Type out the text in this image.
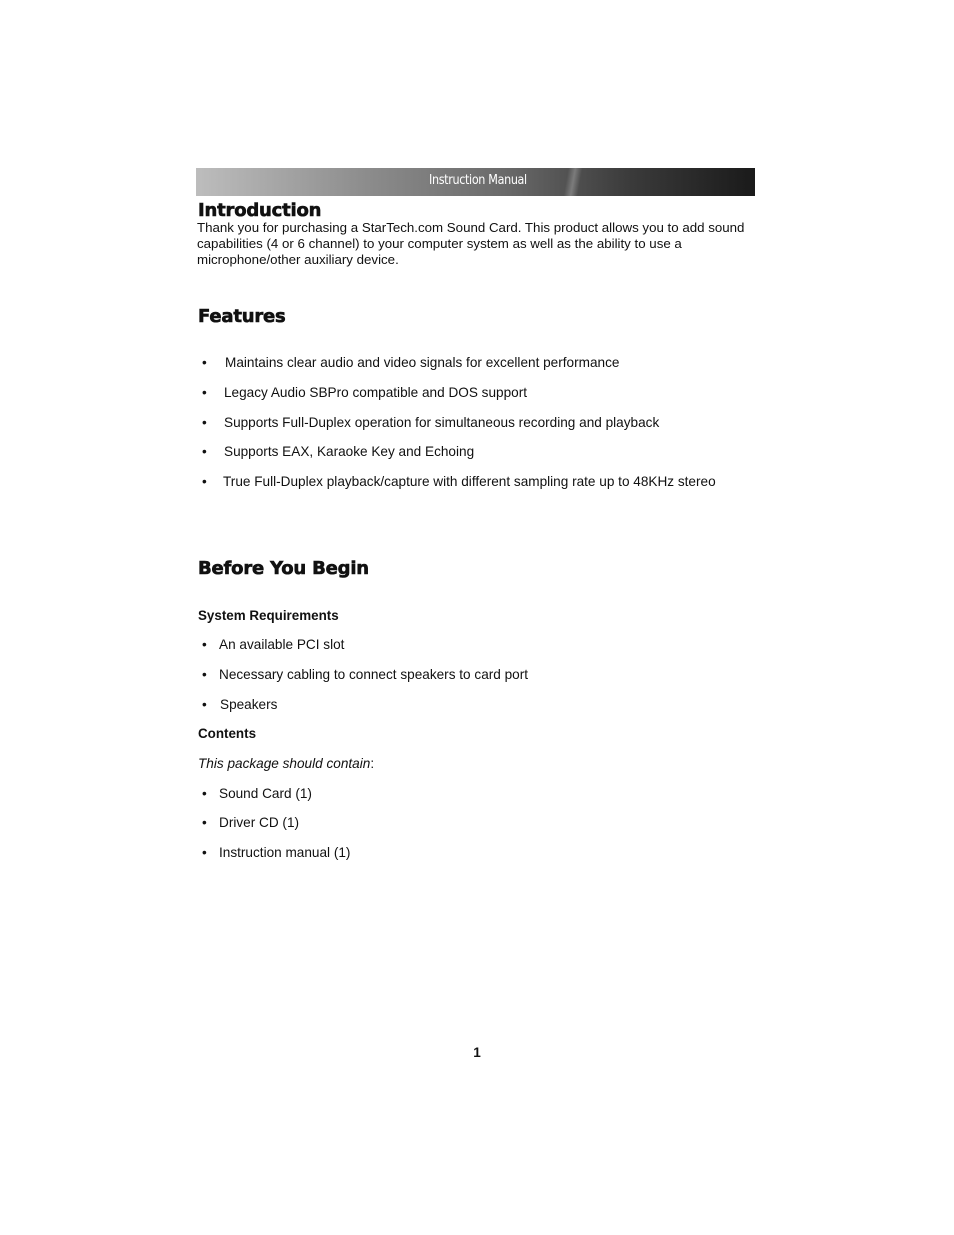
Instruction Manual
Introduction

Thank you for purchasing a StarTech.com Sound Card. This product allows you to add sound capabilities (4 or 6 channel) to your computer system as well as the ability to use a microphone/other auxiliary device.

Features
• Maintains clear audio and video signals for excellent performance
• Legacy Audio SBPro compatible and DOS support
• Supports Full-Duplex operation for simultaneous recording and playback
• Supports EAX, Karaoke Key and Echoing
• True Full-Duplex playback/capture with different sampling rate up to 48KHz stereo
Before You Begin
System Requirements
• An available PCI slot
• Necessary cabling to connect speakers to card port
• Speakers
Contents
This package should contain:
• Sound Card (1)
• Driver CD (1)
• Instruction manual (1)
1
